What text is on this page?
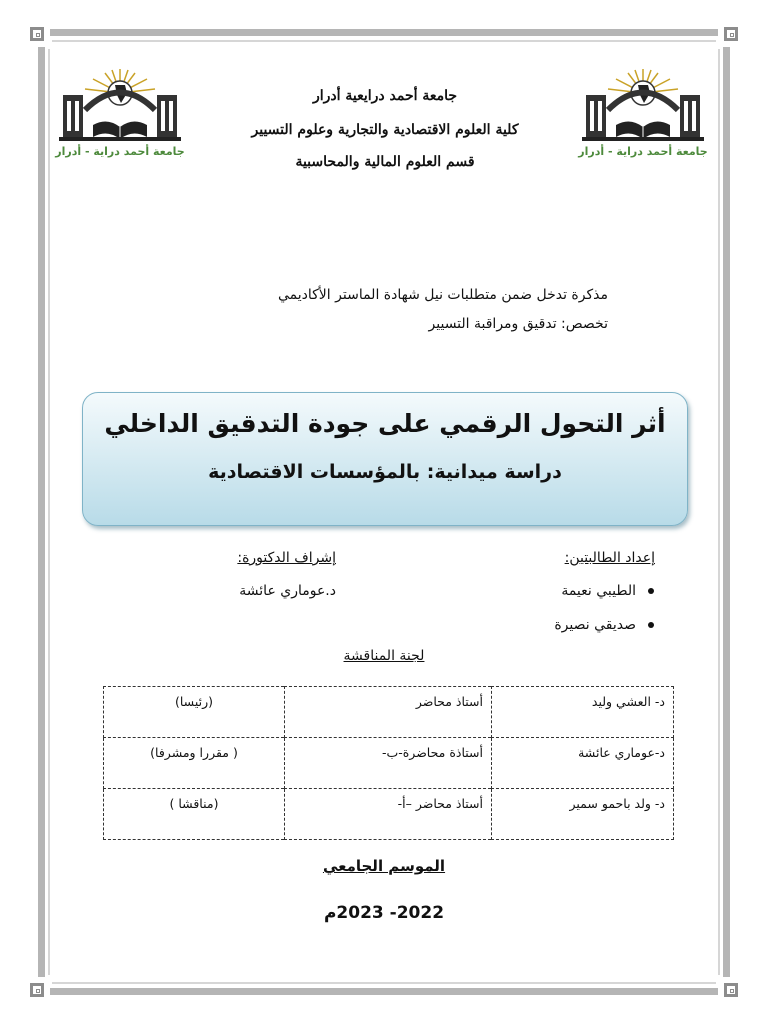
جامعة أحمد دراية - أدرار	جامعة أحمد دراية - أدرار
جامعة أحمد درايعية أدرار
كلية العلوم الاقتصادية والتجارية وعلوم التسيير
قسم العلوم المالية والمحاسبية
مذكرة تدخل ضمن متطلبات نيل شهادة الماستر الأكاديمي
تخصص: تدقيق ومراقبة التسيير
أثر التحول الرقمي على جودة التدقيق الداخلي
دراسة ميدانية: بالمؤسسات الاقتصادية
إعداد الطالبتين:
إشراف الدكتورة:
الطيبي نعيمة
صديقي نصيرة
د.عوماري عائشة
لجنة المناقشة
د- العشي وليد	أستاذ محاضر	(رئيسا)
د-عوماري عائشة	أستاذة محاضرة-ب-	( مقررا ومشرفا)
د- ولد باحمو سمير	أستاذ محاضر –أ-	(مناقشا )
الموسم الجامعي
2022- 2023م
